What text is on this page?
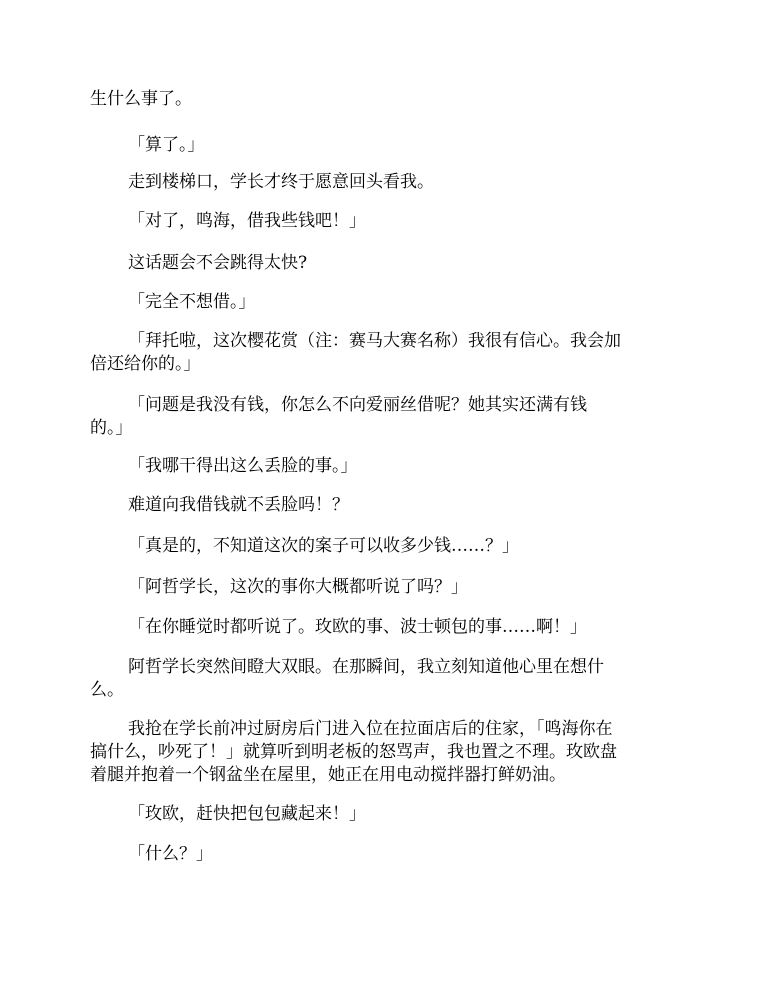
生什么事了。

「算了。」

走到楼梯口，学长才终于愿意回头看我。

「对了，鸣海，借我些钱吧！」

这话题会不会跳得太快?

「完全不想借。」

「拜托啦，这次樱花赏（注：赛马大赛名称）我很有信心。我会加
倍还给你的。」

「问题是我没有钱，你怎么不向爱丽丝借呢？她其实还满有钱
的。」

「我哪干得出这么丢脸的事。」

难道向我借钱就不丢脸吗！？

「真是的，不知道这次的案子可以收多少钱……？」

「阿哲学长，这次的事你大概都听说了吗？」

「在你睡觉时都听说了。玫欧的事、波士顿包的事……啊！」

阿哲学长突然间瞪大双眼。在那瞬间，我立刻知道他心里在想什
么。

我抢在学长前冲过厨房后门进入位在拉面店后的住家，「鸣海你在
搞什么，吵死了！」就算听到明老板的怒骂声，我也置之不理。玫欧盘
着腿并抱着一个钢盆坐在屋里，她正在用电动搅拌器打鲜奶油。

「玫欧，赶快把包包藏起来！」

「什么？」
